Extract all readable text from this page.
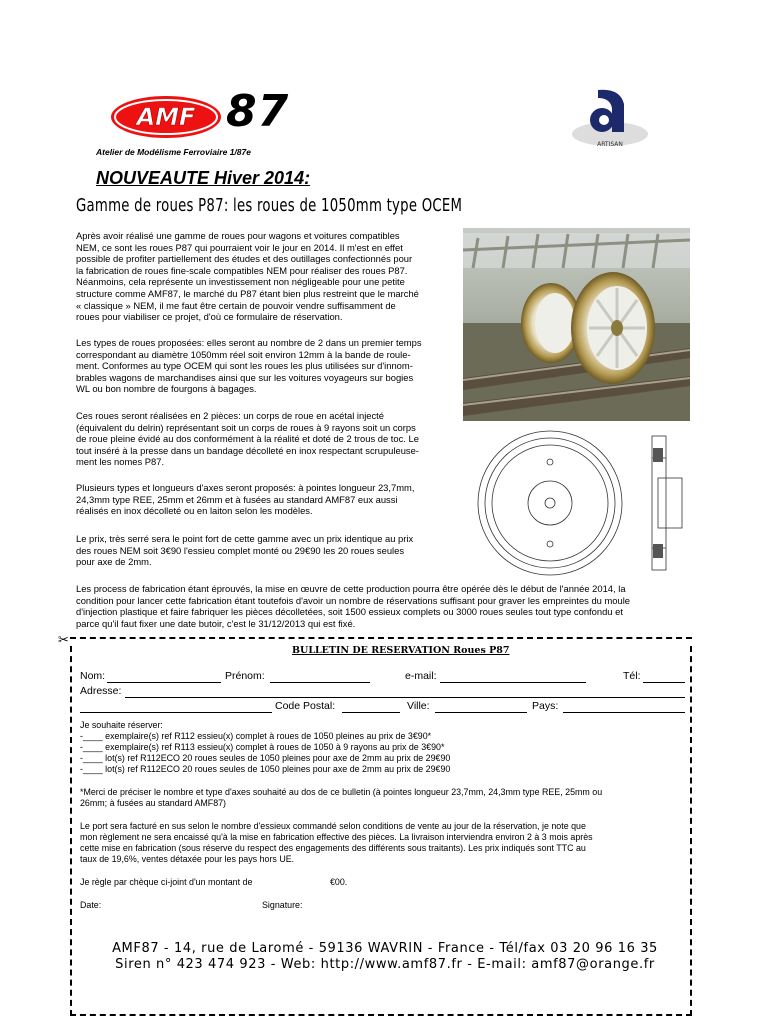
AMF 87
Atelier de Modélisme Ferroviaire 1/87e
ARTISAN
NOUVEAUTE Hiver 2014:
Gamme de roues P87: les roues de 1050mm type OCEM
Après avoir réalisé une gamme de roues pour wagons et voitures compatibles
NEM, ce sont les roues P87 qui pourraient voir le jour en 2014. Il m'est en effet
possible de profiter partiellement des études et des outillages confectionnés pour
la fabrication de roues fine-scale compatibles NEM pour réaliser des roues P87.
Néanmoins, cela représente un investissement non négligeable pour une petite
structure comme AMF87, le marché du P87 étant bien plus restreint que le marché
« classique » NEM, il me faut être certain de pouvoir vendre suffisamment de
roues pour viabiliser ce projet, d'où ce formulaire de réservation.
Les types de roues proposées: elles seront au nombre de 2 dans un premier temps
correspondant au diamètre 1050mm réel soit environ 12mm à la bande de roule-
ment. Conformes au type OCEM qui sont les roues les plus utilisées sur d'innom-
brables wagons de marchandises ainsi que sur les voitures voyageurs sur bogies
WL ou bon nombre de fourgons à bagages.
Ces roues seront réalisées en 2 pièces: un corps de roue en acétal injecté
(équivalent du delrin) représentant soit un corps de roues à 9 rayons soit un corps
de roue pleine évidé au dos conformément à la réalité et doté de 2 trous de toc. Le
tout inséré à la presse dans un bandage décolleté en inox respectant scrupuleuse-
ment les nomes P87.
Plusieurs types et longueurs d'axes seront proposés: à pointes longueur 23,7mm,
24,3mm type REE, 25mm et 26mm et à fusées au standard AMF87 eux aussi
réalisés en inox décolleté ou en laiton selon les modèles.
Le prix, très serré sera le point fort de cette gamme avec un prix identique au prix
des roues NEM soit 3€90 l'essieu complet monté ou 29€90 les 20 roues seules
pour axe de 2mm.
Les process de fabrication étant éprouvés, la mise en œuvre de cette production pourra être opérée dès le début de l'année 2014, la
condition pour lancer cette fabrication étant toutefois d'avoir un nombre de réservations suffisant pour graver les empreintes du moule
d'injection plastique et faire fabriquer les pièces décolletées, soit 1500 essieux complets ou 3000 roues seules tout type confondu et
parce qu'il faut fixer une date butoir, c'est le 31/12/2013 qui est fixé.
✂
BULLETIN DE RESERVATION Roues P87
Nom:	Prénom:	e-mail:	Tél:
Adresse:
Code Postal:	Ville:	Pays:
Je souhaite réserver:
-____ exemplaire(s) ref R112 essieu(x) complet à roues de 1050 pleines au prix de 3€90*
-____ exemplaire(s) ref R113 essieu(x) complet à roues de 1050 à 9 rayons au prix de 3€90*
-____ lot(s) ref R112ECO 20 roues seules de 1050 pleines pour axe de 2mm au prix de 29€90
-____ lot(s) ref R112ECO 20 roues seules de 1050 pleines pour axe de 2mm au prix de 29€90
*Merci de préciser le nombre et type d'axes souhaité au dos de ce bulletin (à pointes longueur 23,7mm, 24,3mm type REE, 25mm ou
26mm; à fusées au standard AMF87)
Le port sera facturé en sus selon le nombre d'essieux commandé selon conditions de vente au jour de la réservation, je note que
mon règlement ne sera encaissé qu'à la mise en fabrication effective des pièces. La livraison interviendra environ 2 à 3 mois après
cette mise en fabrication (sous réserve du respect des engagements des différents sous traitants). Les prix indiqués sont TTC au
taux de 19,6%, ventes détaxée pour les pays hors UE.
Je règle par chèque ci-joint d'un montant de	€00.
Date:	Signature:
AMF87 - 14, rue de Laromé - 59136 WAVRIN - France - Tél/fax 03 20 96 16 35
Siren n° 423 474 923 - Web: http://www.amf87.fr - E-mail: amf87@orange.fr
